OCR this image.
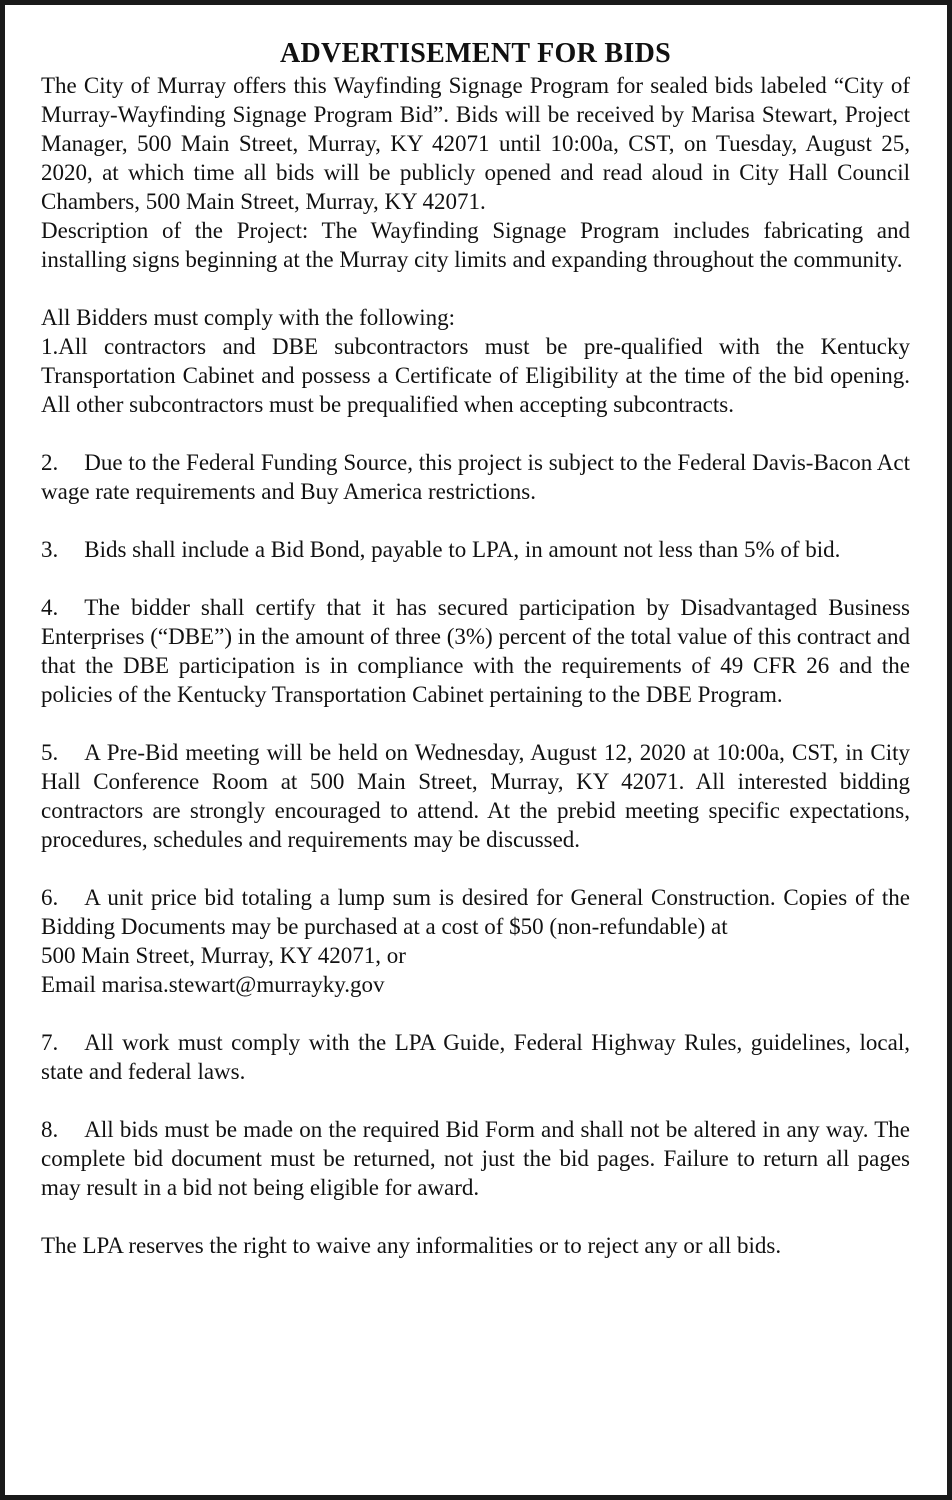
ADVERTISEMENT FOR BIDS

The City of Murray offers this Wayfinding Signage Program for sealed bids labeled “City of Murray-Wayfinding Signage Program Bid”. Bids will be received by Marisa Stewart, Project Manager, 500 Main Street, Murray, KY 42071 until 10:00a, CST, on Tuesday, August 25, 2020, at which time all bids will be publicly opened and read aloud in City Hall Council Chambers, 500 Main Street, Murray, KY 42071.

Description of the Project: The Wayfinding Signage Program includes fabricating and installing signs beginning at the Murray city limits and expanding throughout the community.

All Bidders must comply with the following:

1.All contractors and DBE subcontractors must be pre-qualified with the Kentucky Transportation Cabinet and possess a Certificate of Eligibility at the time of the bid opening. All other subcontractors must be prequalified when accepting subcontracts.

2. Due to the Federal Funding Source, this project is subject to the Federal Davis-Bacon Act wage rate requirements and Buy America restrictions.

3. Bids shall include a Bid Bond, payable to LPA, in amount not less than 5% of bid.

4. The bidder shall certify that it has secured participation by Disadvantaged Business Enterprises (“DBE”) in the amount of three (3%) percent of the total value of this contract and that the DBE participation is in compliance with the requirements of 49 CFR 26 and the policies of the Kentucky Transportation Cabinet pertaining to the DBE Program.

5. A Pre-Bid meeting will be held on Wednesday, August 12, 2020 at 10:00a, CST, in City Hall Conference Room at 500 Main Street, Murray, KY 42071. All interested bidding contractors are strongly encouraged to attend. At the prebid meeting specific expectations, procedures, schedules and requirements may be discussed.

6. A unit price bid totaling a lump sum is desired for General Construction. Copies of the Bidding Documents may be purchased at a cost of $50 (non-refundable) at
500 Main Street, Murray, KY 42071, or
Email marisa.stewart@murrayky.gov

7. All work must comply with the LPA Guide, Federal Highway Rules, guidelines, local, state and federal laws.

8. All bids must be made on the required Bid Form and shall not be altered in any way. The complete bid document must be returned, not just the bid pages. Failure to return all pages may result in a bid not being eligible for award.

The LPA reserves the right to waive any informalities or to reject any or all bids.
